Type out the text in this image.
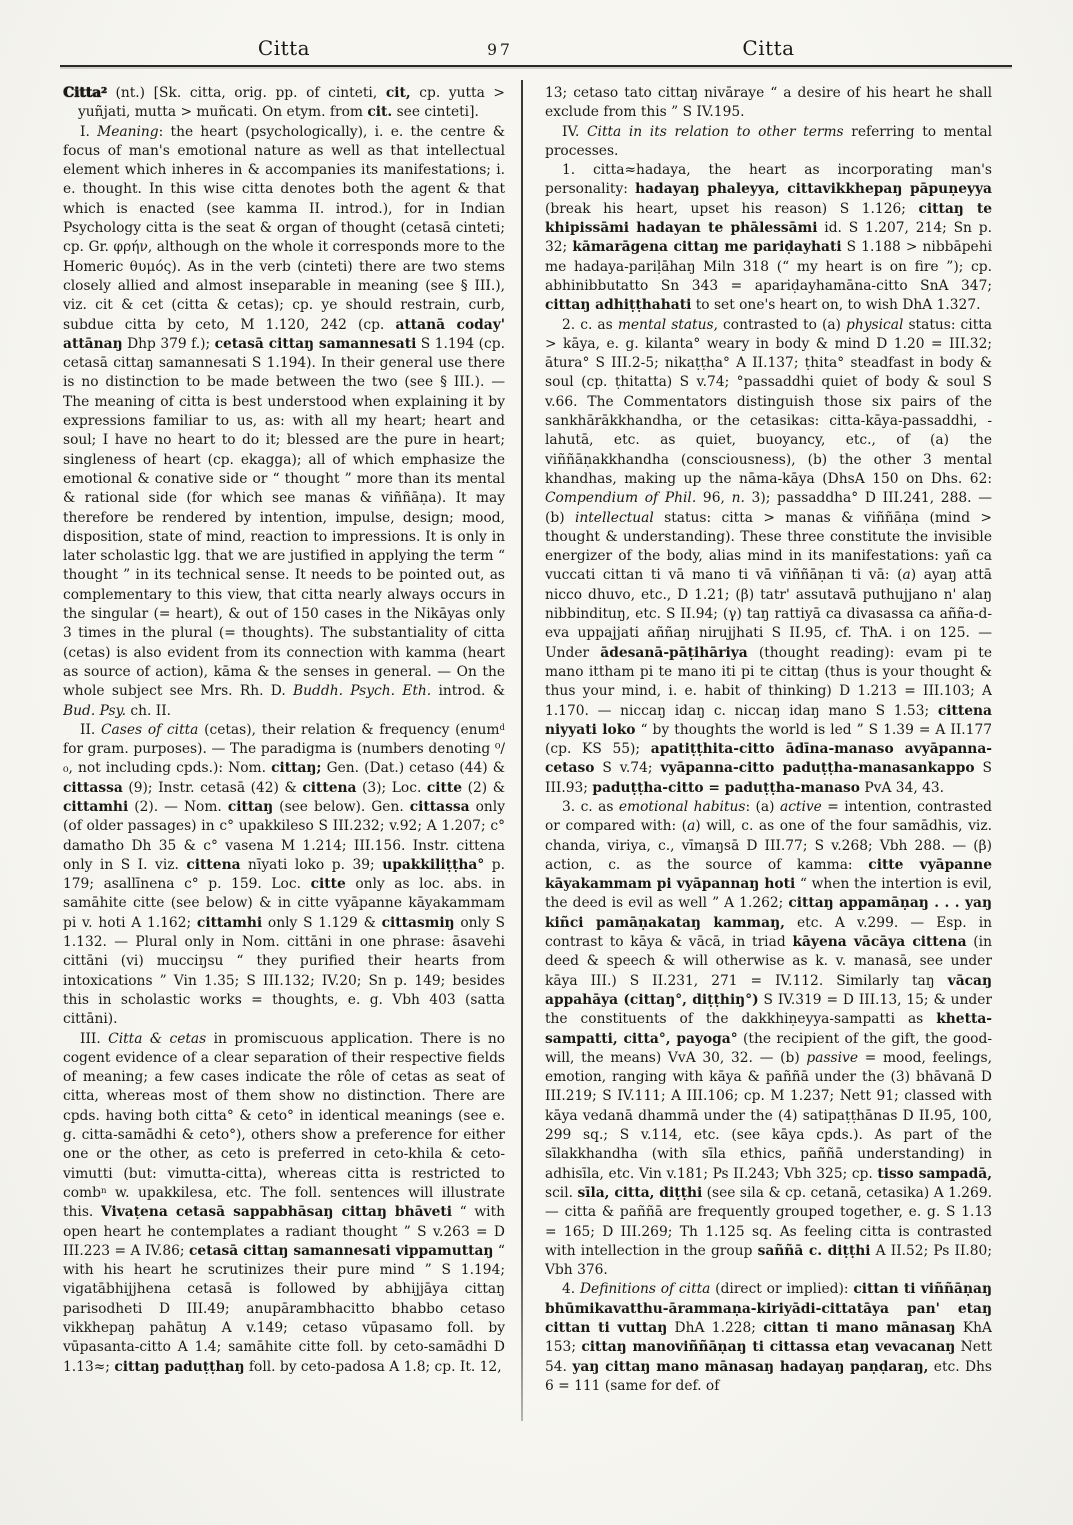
Citta	97	Citta
Citta$^2$ (nt.) [Sk. citta, orig. pp. of cinteti, cit, cp. yutta > yuñjati, mutta > muñcati. On etym. from cit. see cinteti].
I. Meaning: the heart (psychologically), i. e. the centre & focus of man's emotional nature as well as that intellectual element which inheres in & accompanies its manifestations; i. e. thought. In this wise citta denotes both the agent & that which is enacted (see kamma II. introd.), for in Indian Psychology citta is the seat & organ of thought (cetasā cinteti; cp. Gr. φρήν, although on the whole it corresponds more to the Homeric θυμός). As in the verb (cinteti) there are two stems closely allied and almost inseparable in meaning (see § III.), viz. cit & cet (citta & cetas); cp. ye should restrain, curb, subdue citta by ceto, M 1.120, 242 (cp. attanā coday' attānaŋ Dhp 379 f.); cetasā cittaŋ samannesati S 1.194 (cp. cetasā cittaŋ samannesati S 1.194). In their general use there is no distinction to be made between the two (see § III.). — The meaning of citta is best understood when explaining it by expressions familiar to us, as: with all my heart; heart and soul; I have no heart to do it; blessed are the pure in heart; singleness of heart (cp. ekagga); all of which emphasize the emotional & conative side or “ thought ” more than its mental & rational side (for which see manas & viññāṇa). It may therefore be rendered by intention, impulse, design; mood, disposition, state of mind, reaction to impressions. It is only in later scholastic lgg. that we are justified in applying the term “ thought ” in its technical sense. It needs to be pointed out, as complementary to this view, that citta nearly always occurs in the singular (= heart), & out of 150 cases in the Nikāyas only 3 times in the plural (= thoughts). The substantiality of citta (cetas) is also evident from its connection with kamma (heart as source of action), kāma & the senses in general. — On the whole subject see Mrs. Rh. D. Buddh. Psych. Eth. introd. & Bud. Psy. ch. II.
II. Cases of citta (cetas), their relation & frequency (enum$^d$ for gram. purposes). — The paradigma is (numbers denoting ⁰/₀, not including cpds.): Nom. cittaŋ; Gen. (Dat.) cetaso (44) & cittassa (9); Instr. cetasā (42) & cittena (3); Loc. citte (2) & cittamhi (2). — Nom. cittaŋ (see below). Gen. cittassa only (of older passages) in c° upakkileso S III.232; v.92; A 1.207; c° damatho Dh 35 & c° vasena M 1.214; III.156. Instr. cittena only in S I. viz. cittena nīyati loko p. 39; upakkiliṭṭha° p. 179; asallīnena c° p. 159. Loc. citte only as loc. abs. in samāhite citte (see below) & in citte vyāpanne kāyakammam pi v. hoti A 1.162; cittamhi only S 1.129 & cittasmiŋ only S 1.132. — Plural only in Nom. cittāni in one phrase: āsavehi cittāni (vi) mucciŋsu “ they purified their hearts from intoxications ” Vin 1.35; S III.132; IV.20; Sn p. 149; besides this in scholastic works = thoughts, e. g. Vbh 403 (satta cittāni).
III. Citta & cetas in promiscuous application. There is no cogent evidence of a clear separation of their respective fields of meaning; a few cases indicate the rôle of cetas as seat of citta, whereas most of them show no distinction. There are cpds. having both citta° & ceto° in identical meanings (see e. g. citta-samādhi & ceto°), others show a preference for either one or the other, as ceto is preferred in ceto-khila & ceto-vimutti (but: vimutta-citta), whereas citta is restricted to comb$^n$ w. upakkilesa, etc. The foll. sentences will illustrate this. Vivaṭena cetasā sappabhāsaŋ cittaŋ bhāveti “ with open heart he contemplates a radiant thought ” S v.263 = D III.223 = A IV.86; cetasā cittaŋ samannesati vippamuttaŋ “ with his heart he scrutinizes their pure mind ” S 1.194; vigatābhijjhena cetasā is followed by abhijjāya cittaŋ parisodheti D III.49; anupārambhacitto bhabbo cetaso vikkhepaŋ pahātuŋ A v.149; cetaso vūpasamo foll. by vūpasanta-citto A 1.4; samāhite citte foll. by ceto-samādhi D 1.13≈; cittaŋ paduṭṭhaŋ foll. by ceto-padosa A 1.8; cp. It. 12,
13; cetaso tato cittaŋ nivāraye “ a desire of his heart he shall exclude from this ” S IV.195.
IV. Citta in its relation to other terms referring to mental processes.
1. citta≈hadaya, the heart as incorporating man's personality: hadayaŋ phaleyya, cittavikkhepaŋ pāpuṇeyya (break his heart, upset his reason) S 1.126; cittaŋ te khipissāmi hadayan te phālessāmi id. S 1.207, 214; Sn p. 32; kāmarāgena cittaŋ me pariḍayhati S 1.188 > nibbāpehi me hadaya-pariḷāhaŋ Miln 318 (“ my heart is on fire ”); cp. abhinibbutatto Sn 343 = apariḍayhamāna-citto SnA 347; cittaŋ adhiṭṭhahati to set one's heart on, to wish DhA 1.327.
2. c. as mental status, contrasted to (a) physical status: citta > kāya, e. g. kilanta° weary in body & mind D 1.20 = III.32; ātura° S III.2-5; nikaṭṭha° A II.137; ṭhita° steadfast in body & soul (cp. ṭhitatta) S v.74; °passaddhi quiet of body & soul S v.66. The Commentators distinguish those six pairs of the sankhārākkhandha, or the cetasikas: citta-kāya-passaddhi, -lahutā, etc. as quiet, buoyancy, etc., of (a) the viññāṇakkhandha (consciousness), (b) the other 3 mental khandhas, making up the nāma-kāya (DhsA 150 on Dhs. 62: Compendium of Phil. 96, n. 3); passaddha° D III.241, 288. — (b) intellectual status: citta > manas & viññāṇa (mind > thought & understanding). These three constitute the invisible energizer of the body, alias mind in its manifestations: yañ ca vuccati cittan ti vā mano ti vā viññāṇan ti vā: (a) ayaŋ attā nicco dhuvo, etc., D 1.21; (β) tatr' assutavā puthujjano n' alaŋ nibbindituŋ, etc. S II.94; (γ) taŋ rattiyā ca divasassa ca añña-d-eva uppajjati aññaŋ nirujjhati S II.95, cf. ThA. i on 125. — Under ādesanā-pāṭihāriya (thought reading): evam pi te mano ittham pi te mano iti pi te cittaŋ (thus is your thought & thus your mind, i. e. habit of thinking) D 1.213 = III.103; A 1.170. — niccaŋ idaŋ c. niccaŋ idaŋ mano S 1.53; cittena niyyati loko “ by thoughts the world is led ” S 1.39 = A II.177 (cp. KS 55); apatiṭṭhita-citto ādīna-manaso avyāpanna-cetaso S v.74; vyāpanna-citto paduṭṭha-manasankappo S III.93; paduṭṭha-citto = paduṭṭha-manaso PvA 34, 43.
3. c. as emotional habitus: (a) active = intention, contrasted or compared with: (a) will, c. as one of the four samādhis, viz. chanda, viriya, c., vīmaŋsā D III.77; S v.268; Vbh 288. — (β) action, c. as the source of kamma: citte vyāpanne kāyakammam pi vyāpannaŋ hoti “ when the intertion is evil, the deed is evil as well ” A 1.262; cittaŋ appamāṇaŋ . . . yaŋ kiñci pamāṇakataŋ kammaŋ, etc. A v.299. — Esp. in contrast to kāya & vācā, in triad kāyena vācāya cittena (in deed & speech & will otherwise as k. v. manasā, see under kāya III.) S II.231, 271 = IV.112. Similarly taŋ vācaŋ appahāya (cittaŋ°, diṭṭhiŋ°) S IV.319 = D III.13, 15; & under the constituents of the dakkhiṇeyya-sampatti as khetta-sampatti, citta°, payoga° (the recipient of the gift, the good-will, the means) VvA 30, 32. — (b) passive = mood, feelings, emotion, ranging with kāya & paññā under the (3) bhāvanā D III.219; S IV.111; A III.106; cp. M 1.237; Nett 91; classed with kāya vedanā dhammā under the (4) satipaṭṭhānas D II.95, 100, 299 sq.; S v.114, etc. (see kāya cpds.). As part of the sīlakkhandha (with sīla ethics, paññā understanding) in adhisīla, etc. Vin v.181; Ps II.243; Vbh 325; cp. tisso sampadā, scil. sīla, citta, diṭṭhi (see sila & cp. cetanā, cetasika) A 1.269. — citta & paññā are frequently grouped together, e. g. S 1.13 = 165; D III.269; Th 1.125 sq. As feeling citta is contrasted with intellection in the group saññā c. diṭṭhi A II.52; Ps II.80; Vbh 376.
4. Definitions of citta (direct or implied): cittan ti viññāṇaŋ bhūmikavatthu-ārammaṇa-kiriyādi-cittatāya pan' etaŋ cittan ti vuttaŋ DhA 1.228; cittan ti mano mānasaŋ KhA 153; cittaŋ manoviññāṇaŋ ti cittassa etaŋ vevacanaŋ Nett 54. yaŋ cittaŋ mano mānasaŋ hadayaŋ paṇḍaraŋ, etc. Dhs 6 = 111 (same for def. of
